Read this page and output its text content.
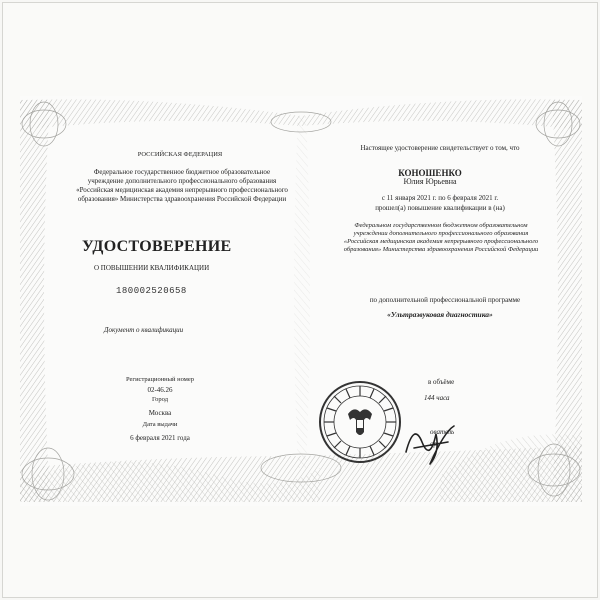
РОССИЙСКАЯ ФЕДЕРАЦИЯ
Федеральное государственное бюджетное образовательное
учреждение дополнительного профессионального образования
«Российская медицинская академия непрерывного профессионального
образования» Министерства здравоохранения Российской Федерации
УДОСТОВЕРЕНИЕ
О ПОВЫШЕНИИ КВАЛИФИКАЦИИ
180002520658
Документ о квалификации
Регистрационный номер
02-46.26
Город
Москва
Дата выдачи
6 февраля 2021 года
Настоящее удостоверение свидетельствует о том, что
КОНОШЕНКО
Юлия Юрьевна
с 11 января 2021 г. по 6 февраля 2021 г.
прошел(а) повышение квалификации в (на)
Федеральном государственном бюджетном образовательном
учреждении дополнительного профессионального образования
«Российская медицинская академия непрерывного профессионального
образования» Министерства здравоохранения Российской Федерации
по дополнительной профессиональной программе
«Ультразвуковая диагностика»
в объёме
144 часа
ователь
арь
